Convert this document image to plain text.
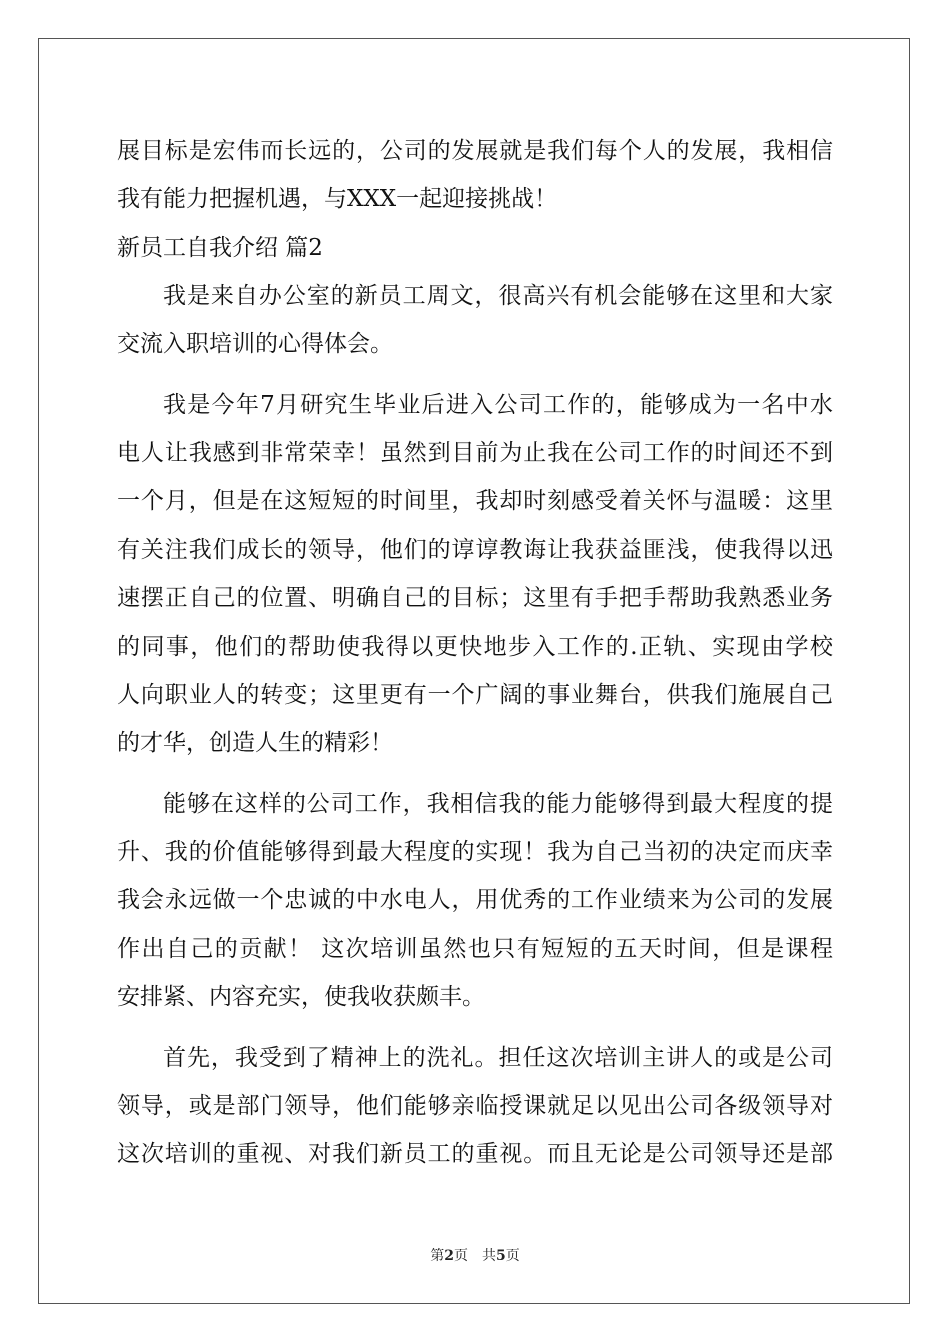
展目标是宏伟而长远的，公司的发展就是我们每个人的发展，我相信
我有能力把握机遇，与XXX一起迎接挑战！
新员工自我介绍 篇2
我是来自办公室的新员工周文，很高兴有机会能够在这里和大家
交流入职培训的心得体会。
我是今年7月研究生毕业后进入公司工作的，能够成为一名中水
电人让我感到非常荣幸！虽然到目前为止我在公司工作的时间还不到
一个月，但是在这短短的时间里，我却时刻感受着关怀与温暖：这里
有关注我们成长的领导，他们的谆谆教诲让我获益匪浅，使我得以迅
速摆正自己的位置、明确自己的目标；这里有手把手帮助我熟悉业务
的同事，他们的帮助使我得以更快地步入工作的.正轨、实现由学校
人向职业人的转变；这里更有一个广阔的事业舞台，供我们施展自己
的才华，创造人生的精彩！
能够在这样的公司工作，我相信我的能力能够得到最大程度的提
升、我的价值能够得到最大程度的实现！我为自己当初的决定而庆幸
我会永远做一个忠诚的中水电人，用优秀的工作业绩来为公司的发展
作出自己的贡献！ 这次培训虽然也只有短短的五天时间，但是课程
安排紧、内容充实，使我收获颇丰。
首先，我受到了精神上的洗礼。担任这次培训主讲人的或是公司
领导，或是部门领导，他们能够亲临授课就足以见出公司各级领导对
这次培训的重视、对我们新员工的重视。而且无论是公司领导还是部
第2页　共5页
